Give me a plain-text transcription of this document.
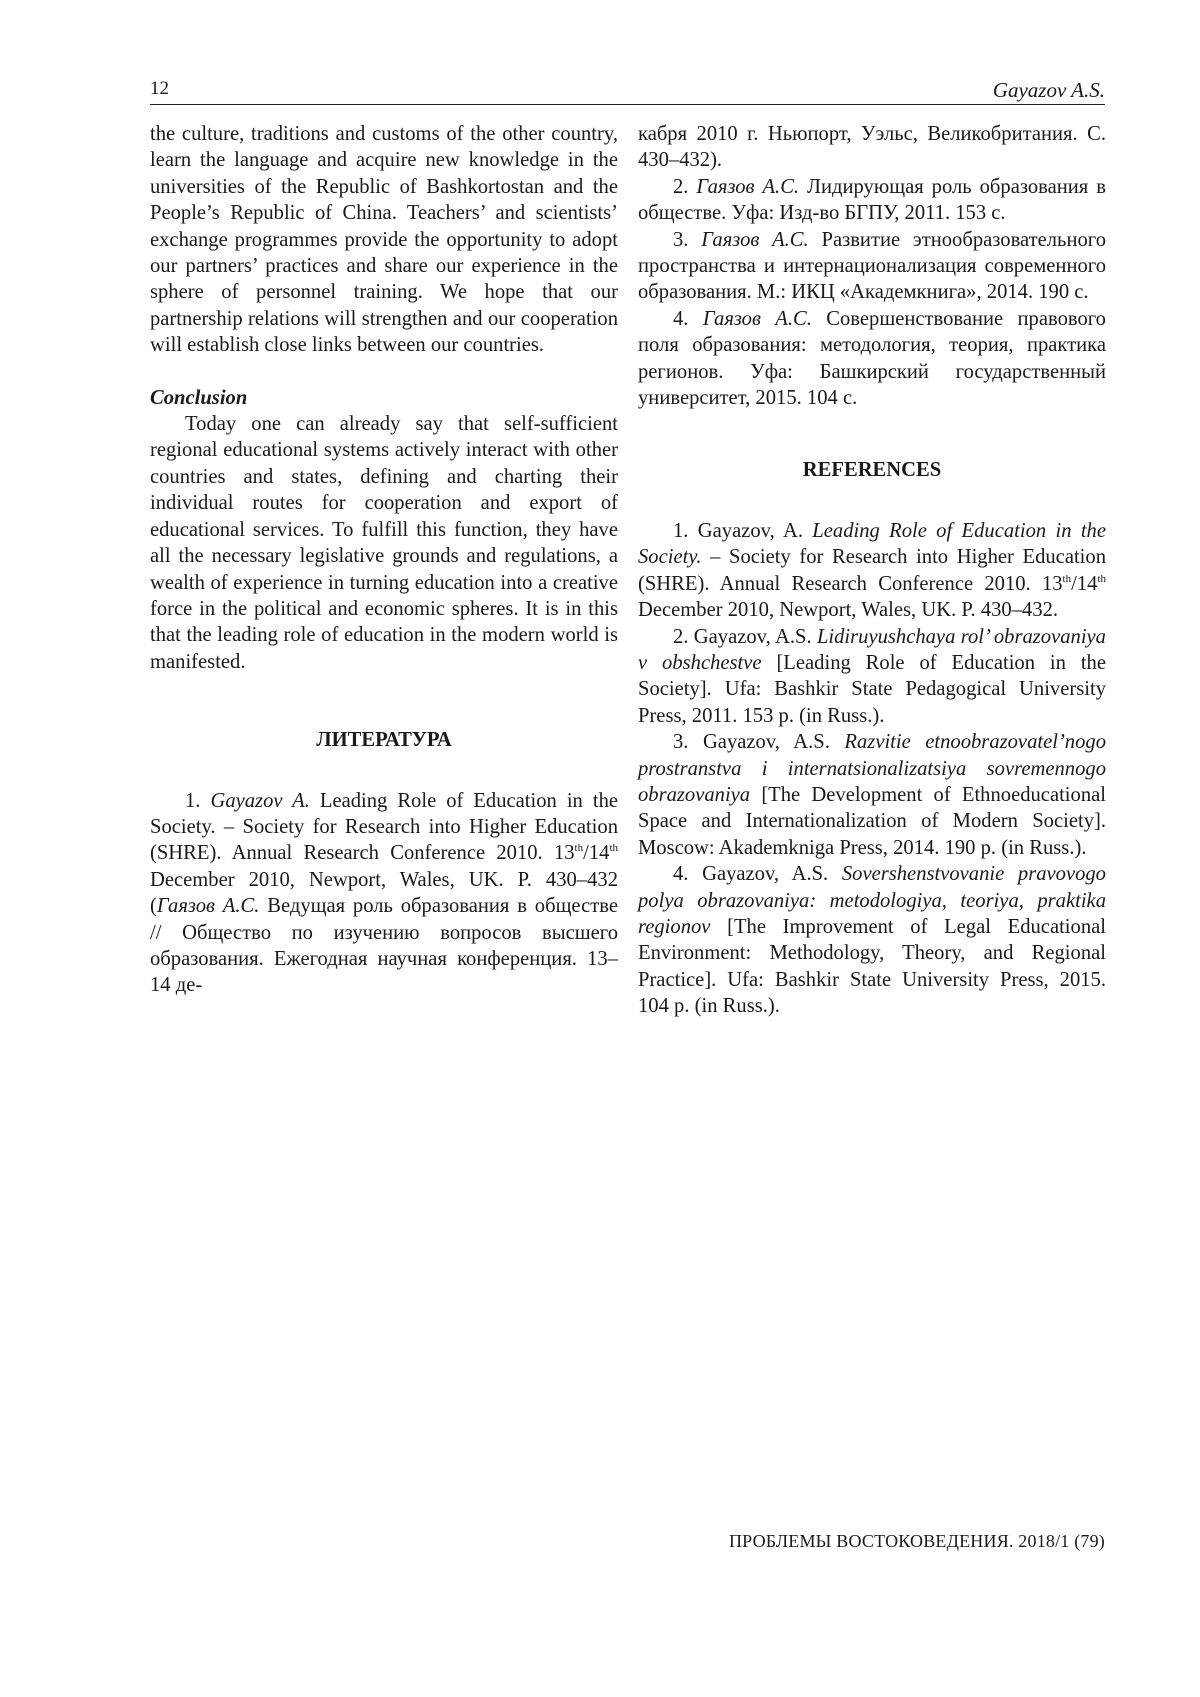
12	Gayazov A.S.

the culture, traditions and customs of the other country, learn the language and acquire new knowledge in the universities of the Republic of Bashkortostan and the People’s Republic of China. Teachers’ and scientists’ exchange programmes provide the opportunity to adopt our partners’ practices and share our experience in the sphere of personnel training. We hope that our partnership relations will strengthen and our cooperation will establish close links between our countries.

Conclusion

Today one can already say that self-sufficient regional educational systems actively interact with other countries and states, defining and charting their individual routes for cooperation and export of educational services. To fulfill this function, they have all the necessary legislative grounds and regulations, a wealth of experience in turning education into a creative force in the political and economic spheres. It is in this that the leading role of education in the modern world is manifested.

ЛИТЕРАТУРА

1. Gayazov A. Leading Role of Education in the Society. – Society for Research into Higher Education (SHRE). Annual Research Conference 2010. 13th/14th December 2010, Newport, Wales, UK. P. 430–432 (Гаязов А.С. Ведущая роль образования в обществе // Общество по изучению вопросов высшего образования. Ежегодная научная конференция. 13–14 де-

кабря 2010 г. Ньюпорт, Уэльс, Великобритания. С. 430–432).

2. Гаязов А.С. Лидирующая роль образования в обществе. Уфа: Изд-во БГПУ, 2011. 153 с.

3. Гаязов А.С. Развитие этнообразовательного пространства и интернационализация современного образования. М.: ИКЦ «Академкнига», 2014. 190 с.

4. Гаязов А.С. Совершенствование правового поля образования: методология, теория, практика регионов. Уфа: Башкирский государственный университет, 2015. 104 с.

REFERENCES

1. Gayazov, A. Leading Role of Education in the Society. – Society for Research into Higher Education (SHRE). Annual Research Conference 2010. 13th/14th December 2010, Newport, Wales, UK. P. 430–432.

2. Gayazov, A.S. Lidiruyushchaya rol’ obrazovaniya v obshchestve [Leading Role of Education in the Society]. Ufa: Bashkir State Pedagogical University Press, 2011. 153 p. (in Russ.).

3. Gayazov, A.S. Razvitie etnoobrazovatel’nogo prostranstva i internatsionalizatsiya sovremennogo obrazovaniya [The Development of Ethnoeducational Space and Internationalization of Modern Society]. Moscow: Akademkniga Press, 2014. 190 p. (in Russ.).

4. Gayazov, A.S. Sovershenstvovanie pravovogo polya obrazovaniya: metodologiya, teoriya, praktika regionov [The Improvement of Legal Educational Environment: Methodology, Theory, and Regional Practice]. Ufa: Bashkir State University Press, 2015. 104 p. (in Russ.).

ПРОБЛЕМЫ ВОСТОКОВЕДЕНИЯ. 2018/1 (79)
